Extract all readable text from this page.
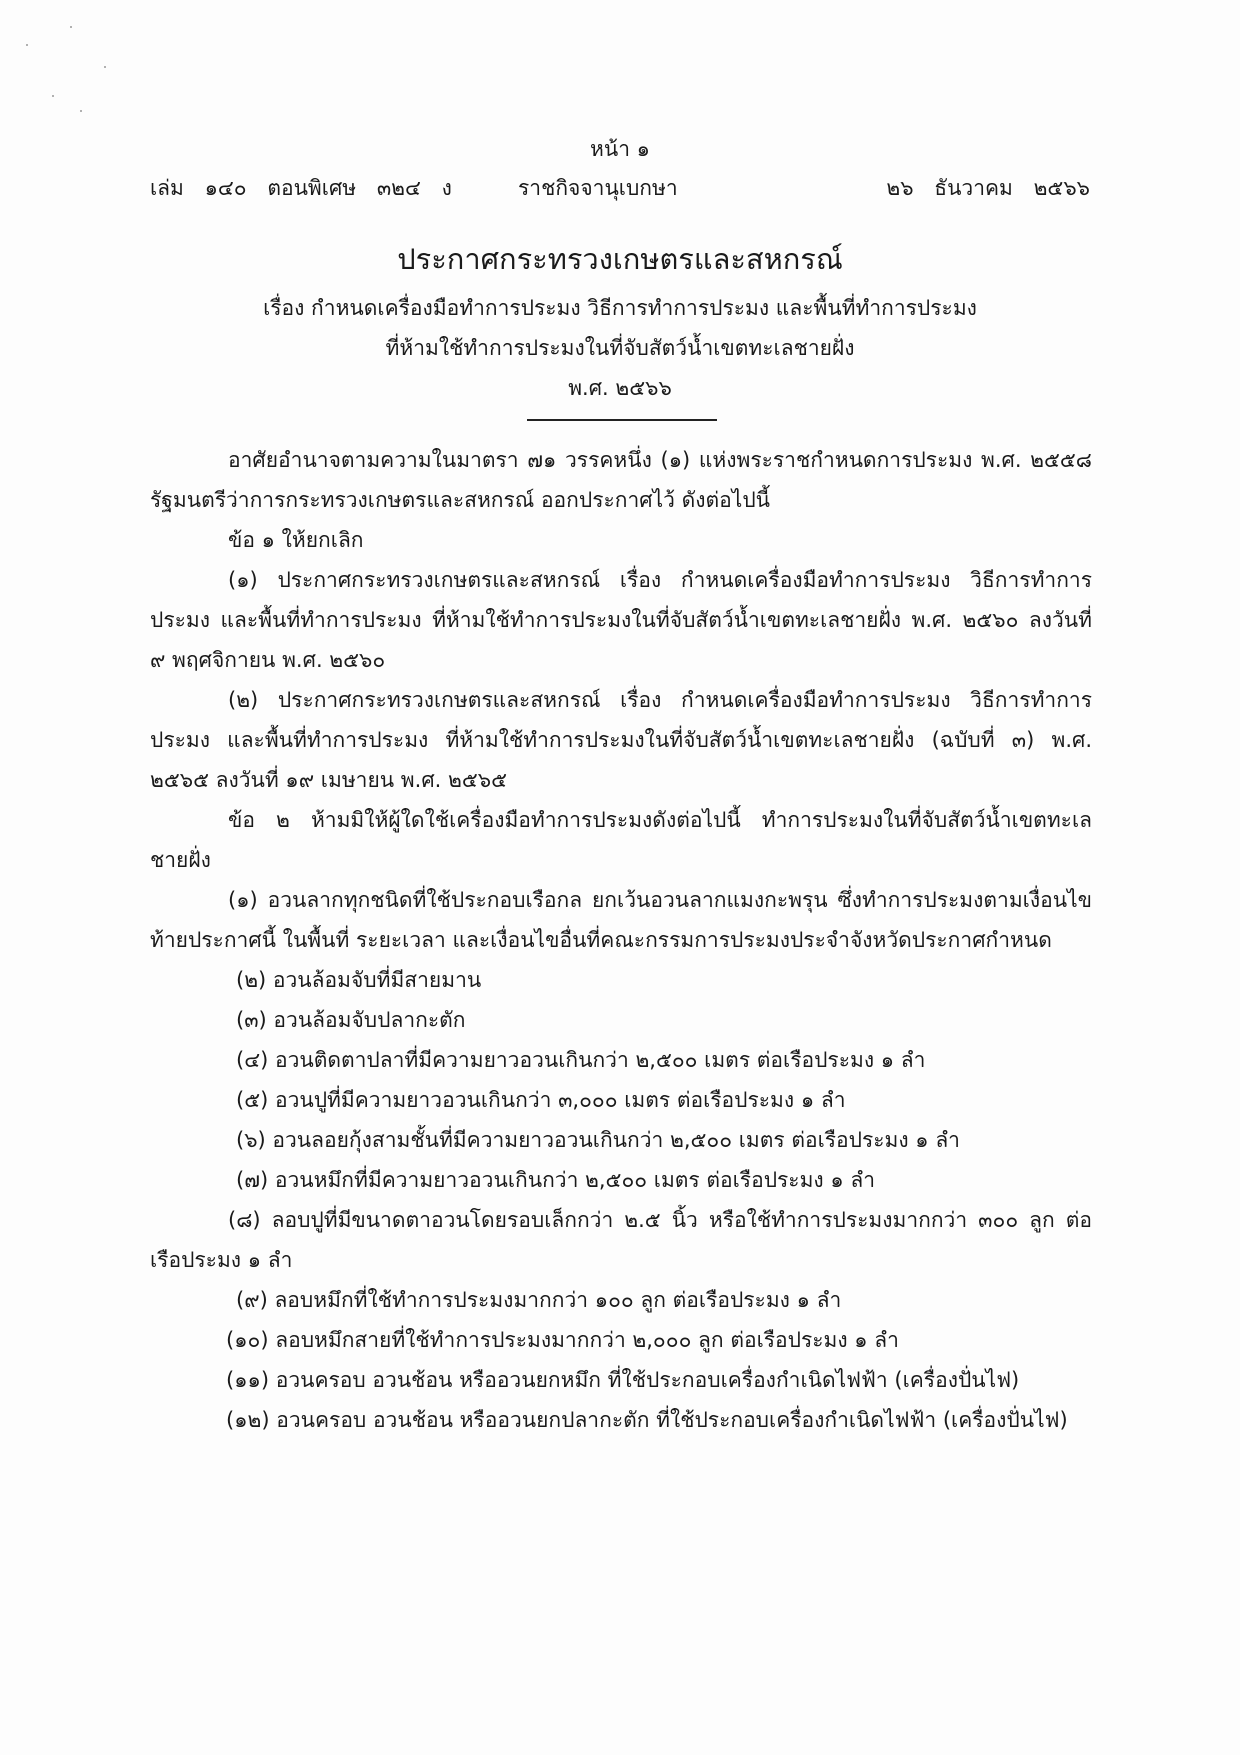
หน้า ๑
เล่ม ๑๔๐ ตอนพิเศษ ๓๒๔ ง	ราชกิจจานุเบกษา	๒๖ ธันวาคม ๒๕๖๖
ประกาศกระทรวงเกษตรและสหกรณ์
เรื่อง กำหนดเครื่องมือทำการประมง วิธีการทำการประมง และพื้นที่ทำการประมง
ที่ห้ามใช้ทำการประมงในที่จับสัตว์น้ำเขตทะเลชายฝั่ง
พ.ศ. ๒๕๖๖

อาศัยอำนาจตามความในมาตรา ๗๑ วรรคหนึ่ง (๑) แห่งพระราชกำหนดการประมง พ.ศ. ๒๕๕๘ รัฐมนตรีว่าการกระทรวงเกษตรและสหกรณ์ ออกประกาศไว้ ดังต่อไปนี้

ข้อ ๑ ให้ยกเลิก

(๑) ประกาศกระทรวงเกษตรและสหกรณ์ เรื่อง กำหนดเครื่องมือทำการประมง วิธีการทำการประมง และพื้นที่ทำการประมง ที่ห้ามใช้ทำการประมงในที่จับสัตว์น้ำเขตทะเลชายฝั่ง พ.ศ. ๒๕๖๐ ลงวันที่ ๙ พฤศจิกายน พ.ศ. ๒๕๖๐

(๒) ประกาศกระทรวงเกษตรและสหกรณ์ เรื่อง กำหนดเครื่องมือทำการประมง วิธีการทำการประมง และพื้นที่ทำการประมง ที่ห้ามใช้ทำการประมงในที่จับสัตว์น้ำเขตทะเลชายฝั่ง (ฉบับที่ ๓) พ.ศ. ๒๕๖๕ ลงวันที่ ๑๙ เมษายน พ.ศ. ๒๕๖๕

ข้อ ๒ ห้ามมิให้ผู้ใดใช้เครื่องมือทำการประมงดังต่อไปนี้ ทำการประมงในที่จับสัตว์น้ำเขตทะเลชายฝั่ง

(๑) อวนลากทุกชนิดที่ใช้ประกอบเรือกล ยกเว้นอวนลากแมงกะพรุน ซึ่งทำการประมงตามเงื่อนไขท้ายประกาศนี้ ในพื้นที่ ระยะเวลา และเงื่อนไขอื่นที่คณะกรรมการประมงประจำจังหวัดประกาศกำหนด

(๒) อวนล้อมจับที่มีสายมาน

(๓) อวนล้อมจับปลากะตัก

(๔) อวนติดตาปลาที่มีความยาวอวนเกินกว่า ๒,๕๐๐ เมตร ต่อเรือประมง ๑ ลำ

(๕) อวนปูที่มีความยาวอวนเกินกว่า ๓,๐๐๐ เมตร ต่อเรือประมง ๑ ลำ

(๖) อวนลอยกุ้งสามชั้นที่มีความยาวอวนเกินกว่า ๒,๕๐๐ เมตร ต่อเรือประมง ๑ ลำ

(๗) อวนหมึกที่มีความยาวอวนเกินกว่า ๒,๕๐๐ เมตร ต่อเรือประมง ๑ ลำ

(๘) ลอบปูที่มีขนาดตาอวนโดยรอบเล็กกว่า ๒.๕ นิ้ว หรือใช้ทำการประมงมากกว่า ๓๐๐ ลูก ต่อเรือประมง ๑ ลำ

(๙) ลอบหมึกที่ใช้ทำการประมงมากกว่า ๑๐๐ ลูก ต่อเรือประมง ๑ ลำ

(๑๐) ลอบหมึกสายที่ใช้ทำการประมงมากกว่า ๒,๐๐๐ ลูก ต่อเรือประมง ๑ ลำ

(๑๑) อวนครอบ อวนช้อน หรืออวนยกหมึก ที่ใช้ประกอบเครื่องกำเนิดไฟฟ้า (เครื่องปั่นไฟ)

(๑๒) อวนครอบ อวนช้อน หรืออวนยกปลากะตัก ที่ใช้ประกอบเครื่องกำเนิดไฟฟ้า (เครื่องปั่นไฟ)
